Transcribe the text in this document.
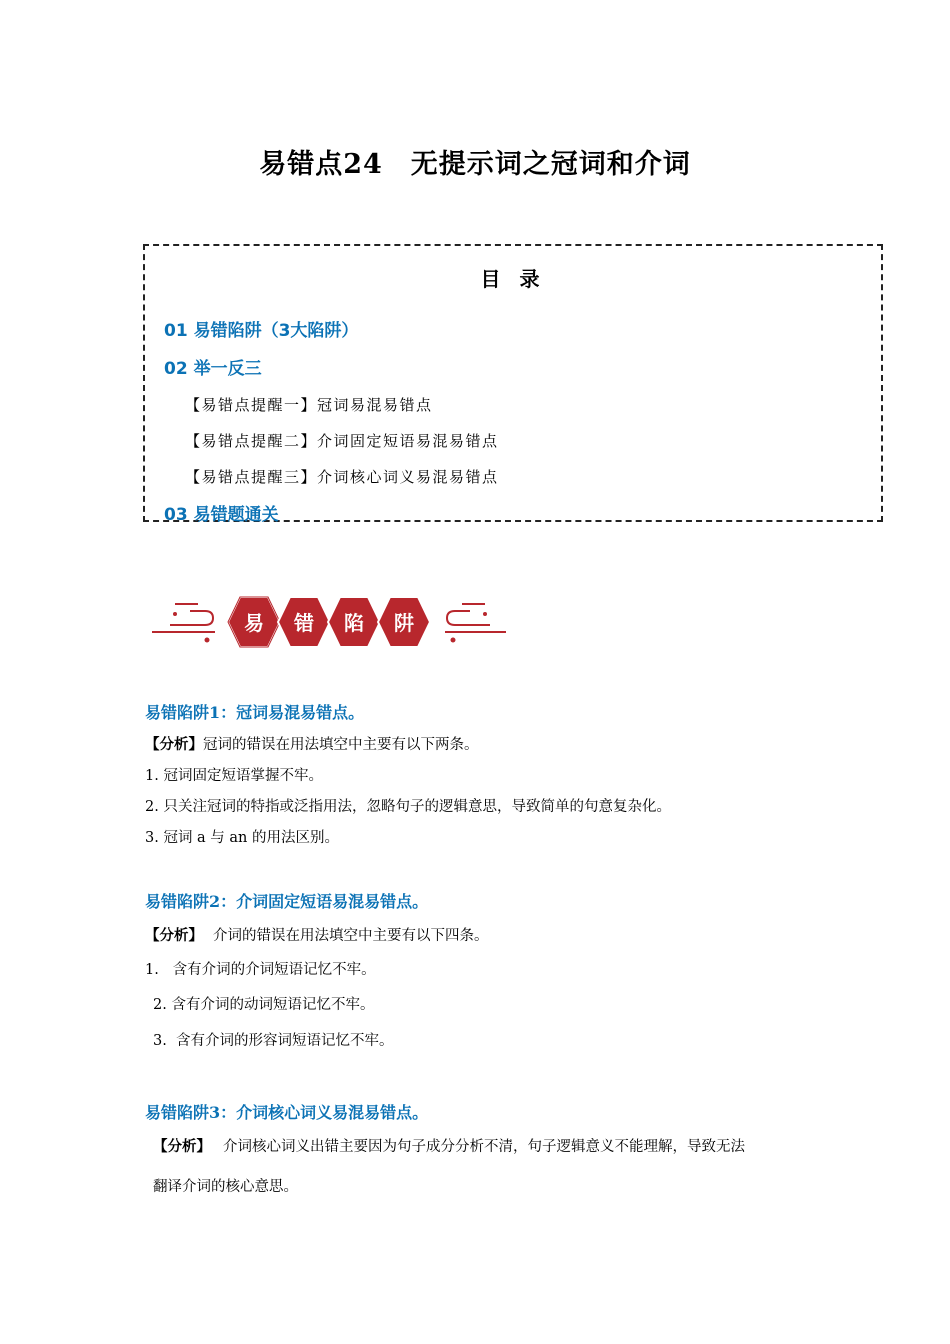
易错点24　无提示词之冠词和介词
目 录
01 易错陷阱（3大陷阱）
02 举一反三
【易错点提醒一】冠词易混易错点
【易错点提醒二】介词固定短语易混易错点
【易错点提醒三】介词核心词义易混易错点
03 易错题通关
易 错 陷 阱
易错陷阱1：冠词易混易错点。
【分析】冠词的错误在用法填空中主要有以下两条。
1. 冠词固定短语掌握不牢。
2. 只关注冠词的特指或泛指用法，忽略句子的逻辑意思，导致简单的句意复杂化。
3. 冠词 a 与 an 的用法区别。
易错陷阱2：介词固定短语易混易错点。
【分析】 介词的错误在用法填空中主要有以下四条。
1.   含有介词的介词短语记忆不牢。
2. 含有介词的动词短语记忆不牢。
3.  含有介词的形容词短语记忆不牢。
易错陷阱3：介词核心词义易混易错点。
【分析】 介词核心词义出错主要因为句子成分分析不清，句子逻辑意义不能理解，导致无法
翻译介词的核心意思。
